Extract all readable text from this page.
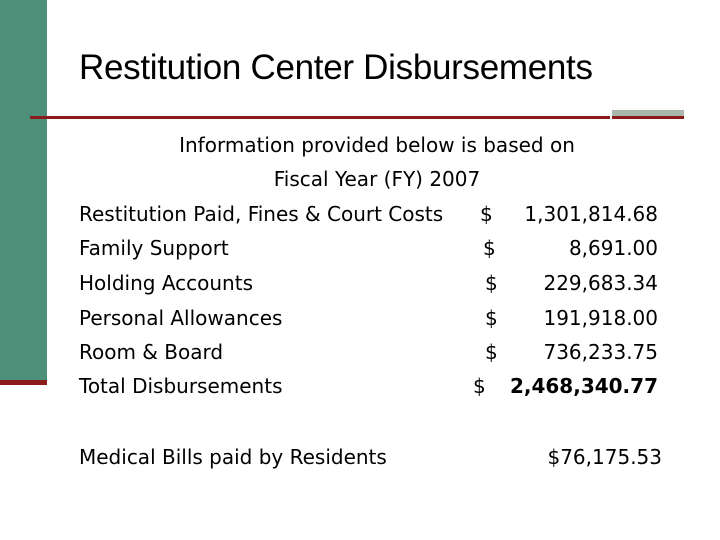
Restitution Center Disbursements
Information provided below is based on
Fiscal Year (FY) 2007
Restitution Paid, Fines & Court Costs $ 1,301,814.68
Family Support	$	8,691.00
Holding Accounts	$ 229,683.34
Personal Allowances	$ 191,918.00
Room & Board	$ 736,233.75
Total Disbursements	$ 2,468,340.77
Medical Bills paid by Residents	$76,175.53
